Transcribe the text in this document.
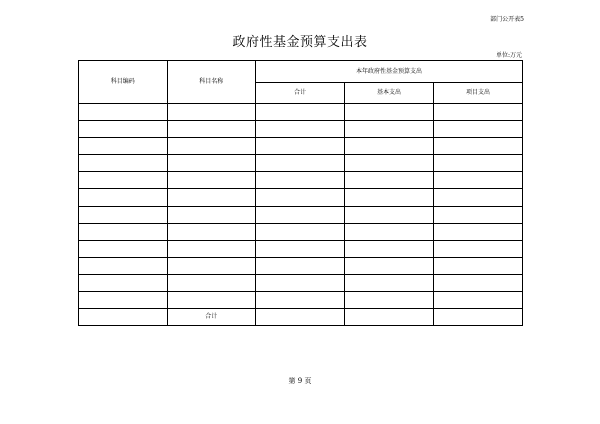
部门公开表5
政府性基金预算支出表
单位:万元
科目编码	科目名称	本年政府性基金预算支出		
		合计	基本支出	项目支出

	合计			
第 9 页
